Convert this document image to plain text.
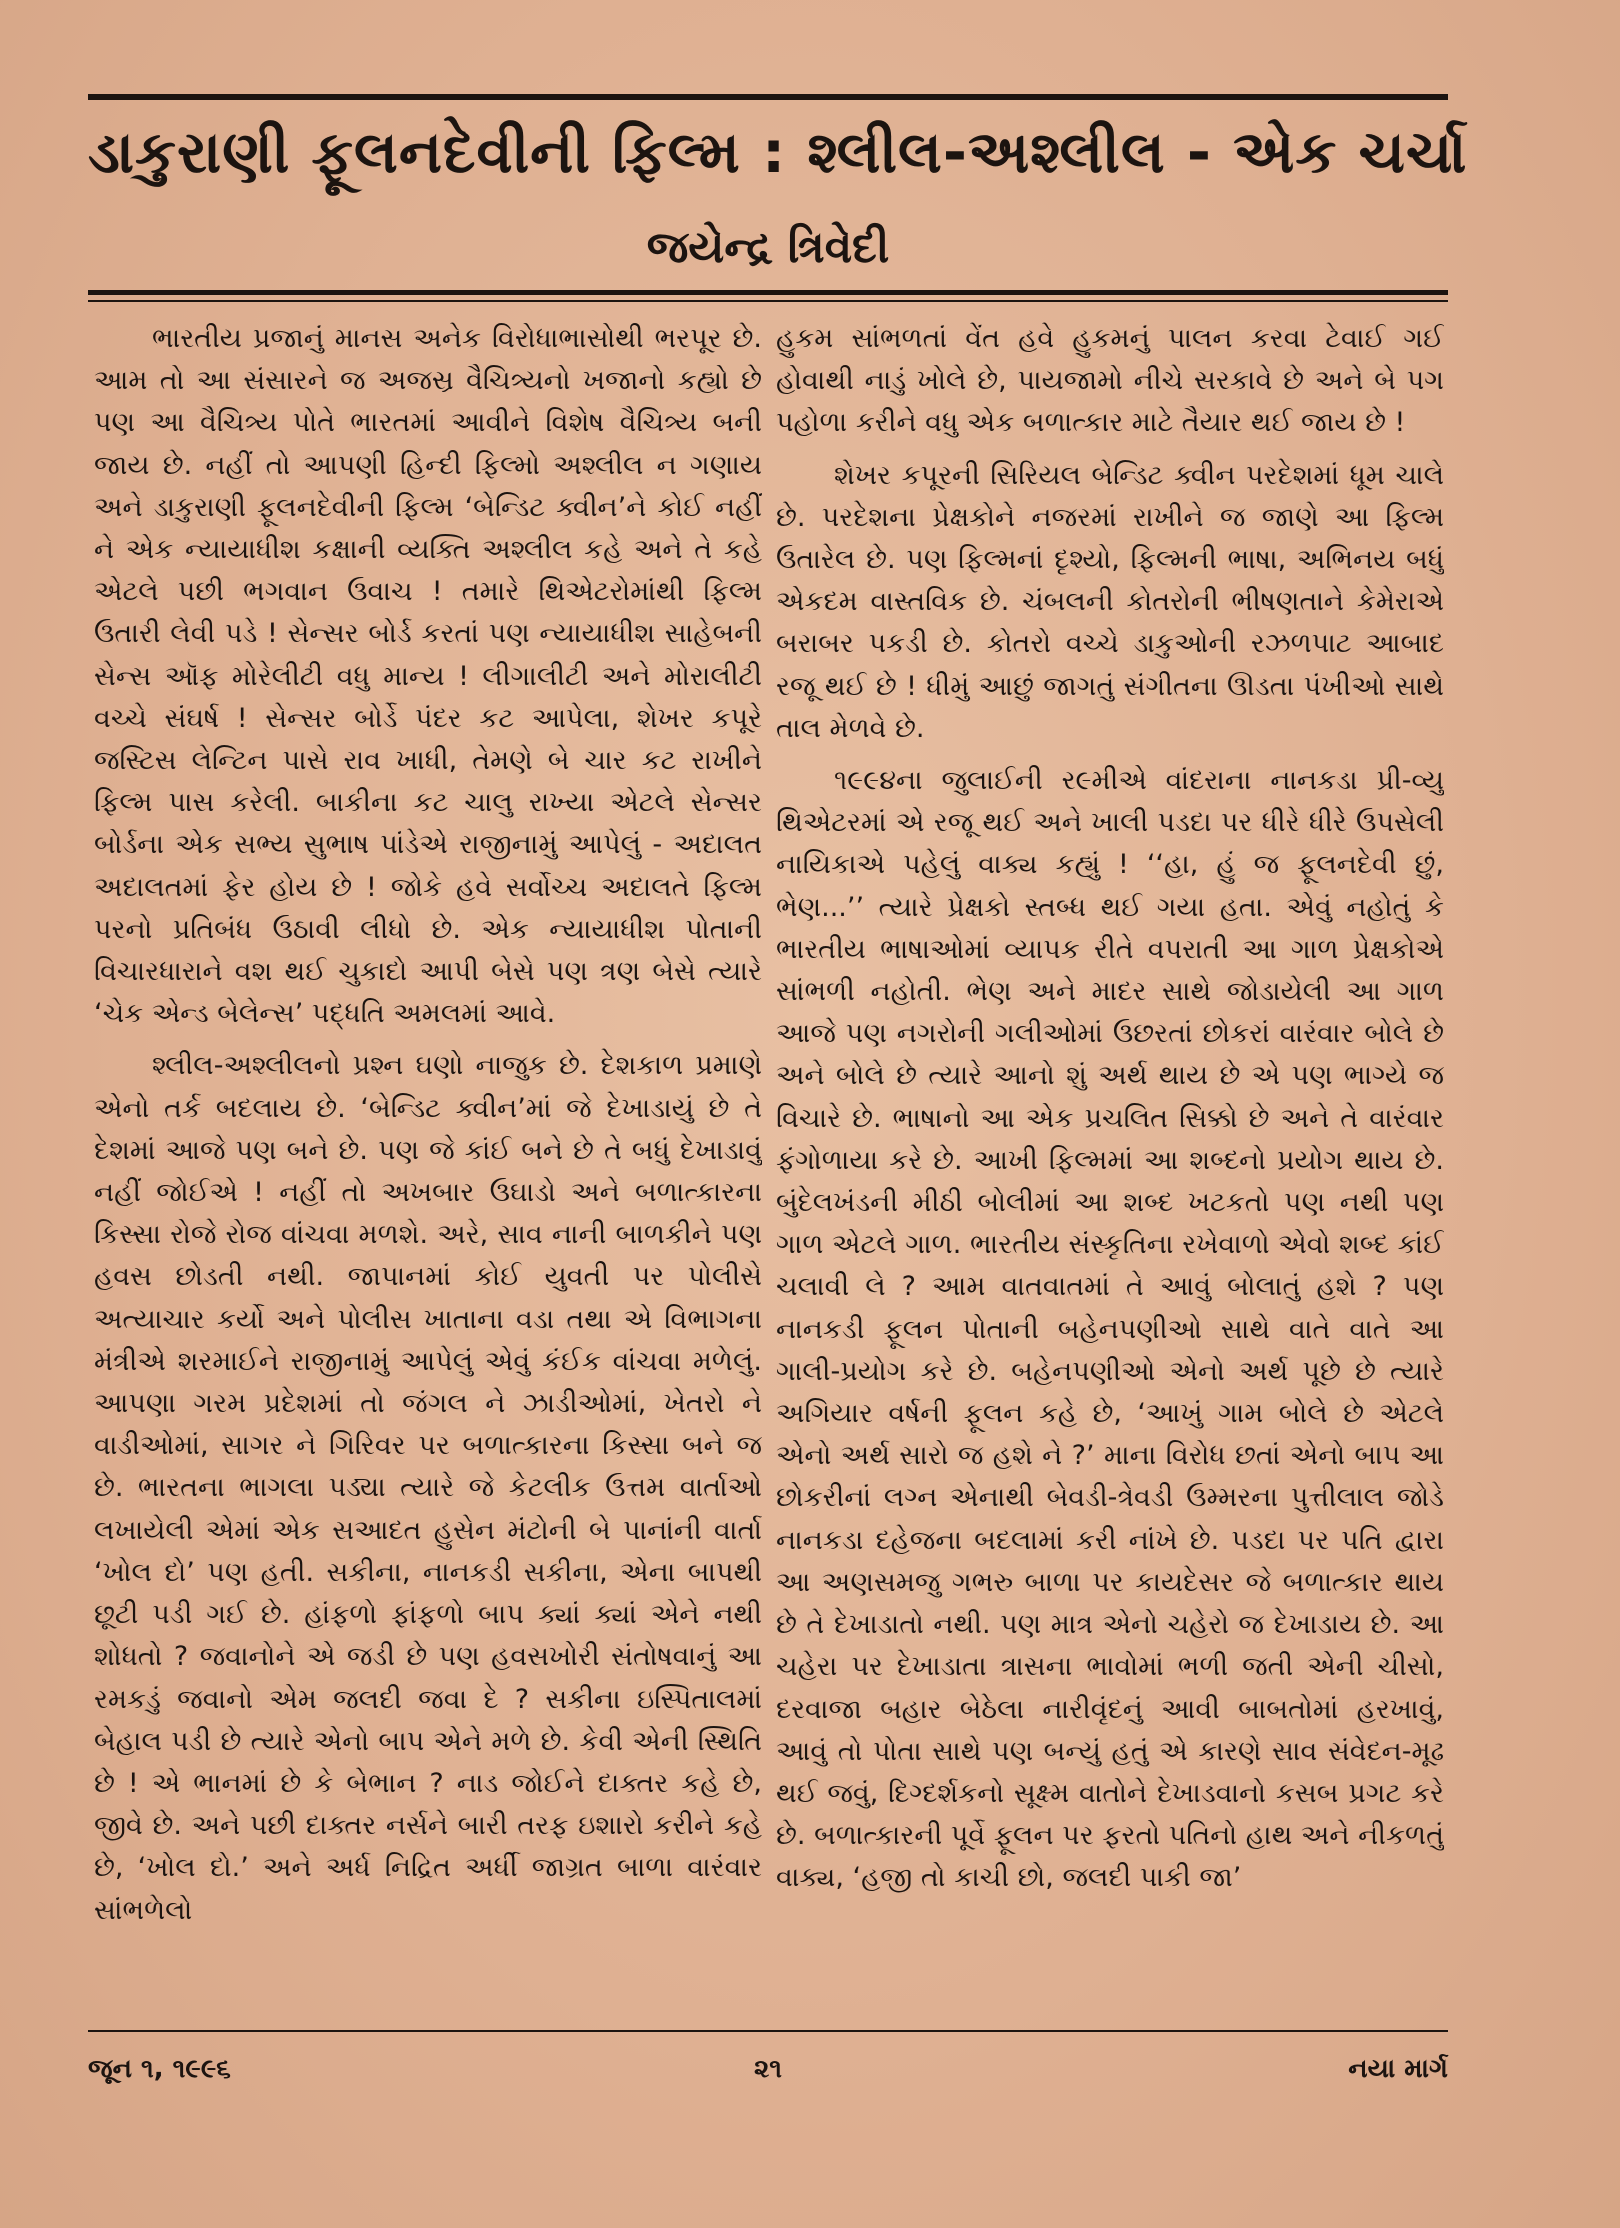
ડાકુરાણી ફૂલનદેવીની ફિલ્મ : શ્લીલ-અશ્લીલ - એક ચર્ચા
જયેન્દ્ર ત્રિવેદી

ભારતીય પ્રજાનું માનસ અનેક વિરોધાભાસોથી ભરપૂર છે. આમ તો આ સંસારને જ અજસ્ર વૈચિત્ર્યનો ખજાનો કહ્યો છે પણ આ વૈચિત્ર્ય પોતે ભારતમાં આવીને વિશેષ વૈચિત્ર્ય બની જાય છે. નહીં તો આપણી હિન્દી ફિલ્મો અશ્લીલ ન ગણાય અને ડાકુરાણી ફૂલનદેવીની ફિલ્મ ‘બેન્ડિટ ક્વીન’ને કોઈ નહીં ને એક ન્યાયાધીશ કક્ષાની વ્યક્તિ અશ્લીલ કહે અને તે કહે એટલે પછી ભગવાન ઉવાચ ! તમારે થિએટરોમાંથી ફિલ્મ ઉતારી લેવી પડે ! સેન્સર બોર્ડ કરતાં પણ ન્યાયાધીશ સાહેબની સેન્સ ઑફ મોરેલીટી વધુ માન્ય ! લીગાલીટી અને મોરાલીટી વચ્ચે સંઘર્ષ ! સેન્સર બોર્ડે પંદર કટ આપેલા, શેખર કપૂરે જસ્ટિસ લેન્ટિન પાસે રાવ ખાધી, તેમણે બે ચાર કટ રાખીને ફિલ્મ પાસ કરેલી. બાકીના કટ ચાલુ રાખ્યા એટલે સેન્સર બોર્ડના એક સભ્ય સુભાષ પાંડેએ રાજીનામું આપેલું - અદાલત અદાલતમાં ફેર હોય છે ! જોકે હવે સર્વોચ્ચ અદાલતે ફિલ્મ પરનો પ્રતિબંધ ઉઠાવી લીધો છે. એક ન્યાયાધીશ પોતાની વિચારધારાને વશ થઈ ચુકાદો આપી બેસે પણ ત્રણ બેસે ત્યારે ‘ચેક એન્ડ બેલેન્સ’ પદ્ધતિ અમલમાં આવે.

શ્લીલ-અશ્લીલનો પ્રશ્ન ઘણો નાજુક છે. દેશકાળ પ્રમાણે એનો તર્ક બદલાય છે. ‘બેન્ડિટ ક્વીન’માં જે દેખાડાયું છે તે દેશમાં આજે પણ બને છે. પણ જે કાંઈ બને છે તે બધું દેખાડાવું નહીં જોઈએ ! નહીં તો અખબાર ઉઘાડો અને બળાત્કારના કિસ્સા રોજે રોજ વાંચવા મળશે. અરે, સાવ નાની બાળકીને પણ હવસ છોડતી નથી. જાપાનમાં કોઈ યુવતી પર પોલીસે અત્યાચાર કર્યો અને પોલીસ ખાતાના વડા તથા એ વિભાગના મંત્રીએ શરમાઈને રાજીનામું આપેલું એવું કંઈક વાંચવા મળેલું. આપણા ગરમ પ્રદેશમાં તો જંગલ ને ઝાડીઓમાં, ખેતરો ને વાડીઓમાં, સાગર ને ગિરિવર પર બળાત્કારના કિસ્સા બને જ છે. ભારતના ભાગલા પડ્યા ત્યારે જે કેટલીક ઉત્તમ વાર્તાઓ લખાયેલી એમાં એક સઆદત હુસેન મંટોની બે પાનાંની વાર્તા ‘ખોલ દો’ પણ હતી. સકીના, નાનકડી સકીના, એના બાપથી છૂટી પડી ગઈ છે. હાંફળો ફાંફળો બાપ ક્યાં ક્યાં એને નથી શોધતો ? જવાનોને એ જડી છે પણ હવસખોરી સંતોષવાનું આ રમકડું જવાનો એમ જલદી જવા દે ? સકીના ઇસ્પિતાલમાં બેહાલ પડી છે ત્યારે એનો બાપ એને મળે છે. કેવી એની સ્થિતિ છે ! એ ભાનમાં છે કે બેભાન ? નાડ જોઈને દાક્તર કહે છે, જીવે છે. અને પછી દાક્તર નર્સને બારી તરફ ઇશારો કરીને કહે છે, ‘ખોલ દો.’ અને અર્ધ નિદ્રિત અર્ધી જાગ્રત બાળા વારંવાર સાંભળેલો

હુકમ સાંભળતાં વેંત હવે હુકમનું પાલન કરવા ટેવાઈ ગઈ હોવાથી નાડું ખોલે છે, પાયજામો નીચે સરકાવે છે અને બે પગ પહોળા કરીને વધુ એક બળાત્કાર માટે તૈયાર થઈ જાય છે !

શેખર કપૂરની સિરિયલ બેન્ડિટ ક્વીન પરદેશમાં ધૂમ ચાલે છે. પરદેશના પ્રેક્ષકોને નજરમાં રાખીને જ જાણે આ ફિલ્મ ઉતારેલ છે. પણ ફિલ્મનાં દૃશ્યો, ફિલ્મની ભાષા, અભિનય બધું એકદમ વાસ્તવિક છે. ચંબલની કોતરોની ભીષણતાને કેમેરાએ બરાબર પકડી છે. કોતરો વચ્ચે ડાકુઓની રઝળપાટ આબાદ રજૂ થઈ છે ! ધીમું આછું જાગતું સંગીતના ઊડતા પંખીઓ સાથે તાલ મેળવે છે.

૧૯૯૪ના જુલાઈની ર૯મીએ વાંદરાના નાનકડા પ્રી-વ્યુ થિએટરમાં એ રજૂ થઈ અને ખાલી પડદા પર ધીરે ધીરે ઉપસેલી નાયિકાએ પહેલું વાક્ય કહ્યું ! ‘‘હા, હું જ ફૂલનદેવી છું, ભેણ...’’ ત્યારે પ્રેક્ષકો સ્તબ્ધ થઈ ગયા હતા. એવું નહોતું કે ભારતીય ભાષાઓમાં વ્યાપક રીતે વપરાતી આ ગાળ પ્રેક્ષકોએ સાંભળી નહોતી. ભેણ અને માદર સાથે જોડાયેલી આ ગાળ આજે પણ નગરોની ગલીઓમાં ઉછરતાં છોકરાં વારંવાર બોલે છે અને બોલે છે ત્યારે આનો શું અર્થ થાય છે એ પણ ભાગ્યે જ વિચારે છે. ભાષાનો આ એક પ્રચલિત સિક્કો છે અને તે વારંવાર ફંગોળાયા કરે છે. આખી ફિલ્મમાં આ શબ્દનો પ્રયોગ થાય છે. બુંદેલખંડની મીઠી બોલીમાં આ શબ્દ ખટકતો પણ નથી પણ ગાળ એટલે ગાળ. ભારતીય સંસ્કૃતિના રખેવાળો એવો શબ્દ કાંઈ ચલાવી લે ? આમ વાતવાતમાં તે આવું બોલાતું હશે ? પણ નાનકડી ફૂલન પોતાની બહેનપણીઓ સાથે વાતે વાતે આ ગાલી-પ્રયોગ કરે છે. બહેનપણીઓ એનો અર્થ પૂછે છે ત્યારે અગિયાર વર્ષની ફૂલન કહે છે, ‘આખું ગામ બોલે છે એટલે એનો અર્થ સારો જ હશે ને ?’ માના વિરોધ છતાં એનો બાપ આ છોકરીનાં લગ્ન એનાથી બેવડી-ત્રેવડી ઉમ્મરના પુત્તીલાલ જોડે નાનકડા દહેજના બદલામાં કરી નાંખે છે. પડદા પર પતિ દ્વારા આ અણસમજુ ગભરુ બાળા પર કાયદેસર જે બળાત્કાર થાય છે તે દેખાડાતો નથી. પણ માત્ર એનો ચહેરો જ દેખાડાય છે. આ ચહેરા પર દેખાડાતા ત્રાસના ભાવોમાં ભળી જતી એની ચીસો, દરવાજા બહાર બેઠેલા નારીવૃંદનું આવી બાબતોમાં હરખાવું, આવું તો પોતા સાથે પણ બન્યું હતું એ કારણે સાવ સંવેદન-મૂઢ થઈ જવું, દિગ્દર્શકનો સૂક્ષ્મ વાતોને દેખાડવાનો કસબ પ્રગટ કરે છે. બળાત્કારની પૂર્વે ફૂલન પર ફરતો પતિનો હાથ અને નીકળતું વાક્ય, ‘હજી તો કાચી છો, જલદી પાકી જા’

જૂન ૧, ૧૯૯૬	૨૧	નયા માર્ગ
